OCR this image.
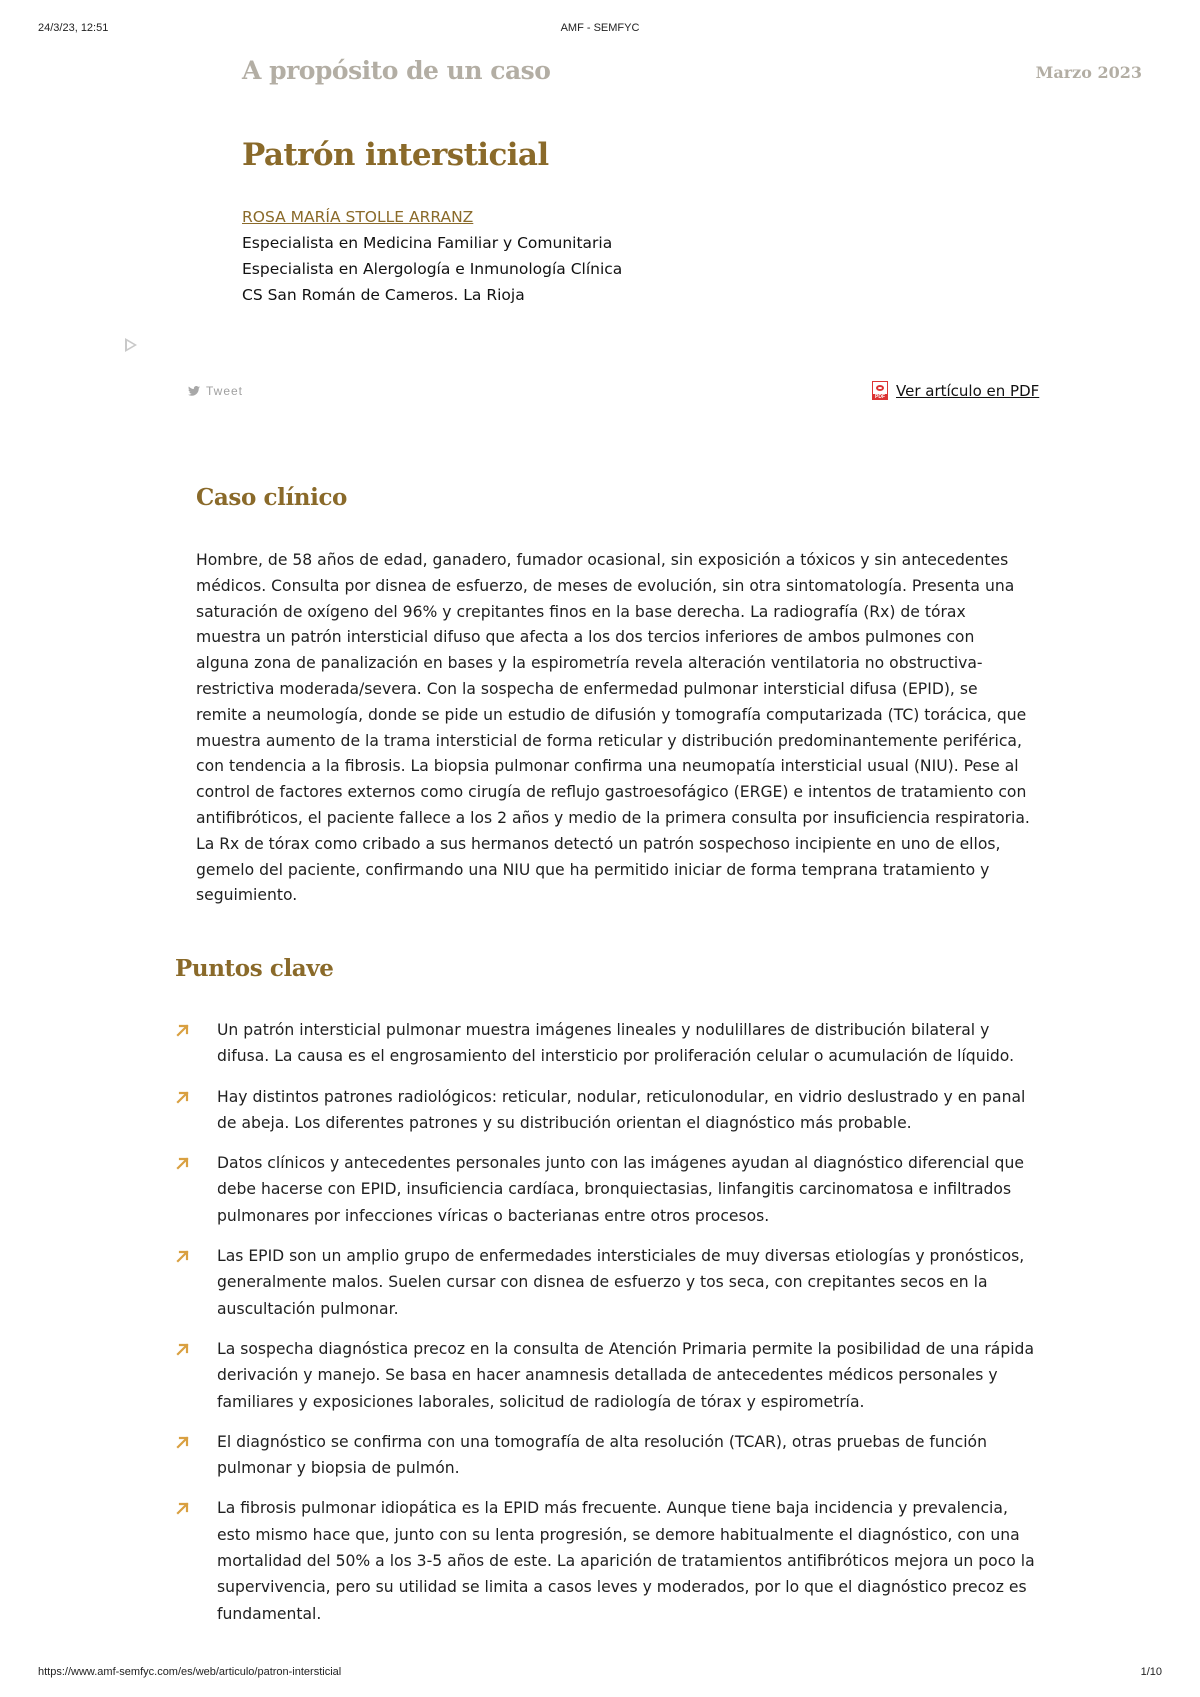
24/3/23, 12:51	AMF - SEMFYC
A propósito de un caso	Marzo 2023
Patrón intersticial
ROSA MARÍA STOLLE ARRANZ
Especialista en Medicina Familiar y Comunitaria
Especialista en Alergología e Inmunología Clínica
CS San Román de Cameros. La Rioja
Tweet
PDF	Ver artículo en PDF
Caso clínico

Hombre, de 58 años de edad, ganadero, fumador ocasional, sin exposición a tóxicos y sin antecedentes médicos. Consulta por disnea de esfuerzo, de meses de evolución, sin otra sintomatología. Presenta una saturación de oxígeno del 96% y crepitantes finos en la base derecha. La radiografía (Rx) de tórax muestra un patrón intersticial difuso que afecta a los dos tercios inferiores de ambos pulmones con alguna zona de panalización en bases y la espirometría revela alteración ventilatoria no obstructiva-restrictiva moderada/severa. Con la sospecha de enfermedad pulmonar intersticial difusa (EPID), se remite a neumología, donde se pide un estudio de difusión y tomografía computarizada (TC) torácica, que muestra aumento de la trama intersticial de forma reticular y distribución predominantemente periférica, con tendencia a la fibrosis. La biopsia pulmonar confirma una neumopatía intersticial usual (NIU). Pese al control de factores externos como cirugía de reflujo gastroesofágico (ERGE) e intentos de tratamiento con antifibróticos, el paciente fallece a los 2 años y medio de la primera consulta por insuficiencia respiratoria. La Rx de tórax como cribado a sus hermanos detectó un patrón sospechoso incipiente en uno de ellos, gemelo del paciente, confirmando una NIU que ha permitido iniciar de forma temprana tratamiento y seguimiento.

Puntos clave
Un patrón intersticial pulmonar muestra imágenes lineales y nodulillares de distribución bilateral y difusa. La causa es el engrosamiento del intersticio por proliferación celular o acumulación de líquido.
Hay distintos patrones radiológicos: reticular, nodular, reticulonodular, en vidrio deslustrado y en panal de abeja. Los diferentes patrones y su distribución orientan el diagnóstico más probable.
Datos clínicos y antecedentes personales junto con las imágenes ayudan al diagnóstico diferencial que debe hacerse con EPID, insuficiencia cardíaca, bronquiectasias, linfangitis carcinomatosa e infiltrados pulmonares por infecciones víricas o bacterianas entre otros procesos.
Las EPID son un amplio grupo de enfermedades intersticiales de muy diversas etiologías y pronósticos, generalmente malos. Suelen cursar con disnea de esfuerzo y tos seca, con crepitantes secos en la auscultación pulmonar.
La sospecha diagnóstica precoz en la consulta de Atención Primaria permite la posibilidad de una rápida derivación y manejo. Se basa en hacer anamnesis detallada de antecedentes médicos personales y familiares y exposiciones laborales, solicitud de radiología de tórax y espirometría.
El diagnóstico se confirma con una tomografía de alta resolución (TCAR), otras pruebas de función pulmonar y biopsia de pulmón.
La fibrosis pulmonar idiopática es la EPID más frecuente. Aunque tiene baja incidencia y prevalencia, esto mismo hace que, junto con su lenta progresión, se demore habitualmente el diagnóstico, con una mortalidad del 50% a los 3-5 años de este. La aparición de tratamientos antifibróticos mejora un poco la supervivencia, pero su utilidad se limita a casos leves y moderados, por lo que el diagnóstico precoz es fundamental.
https://www.amf-semfyc.com/es/web/articulo/patron-intersticial	1/10
